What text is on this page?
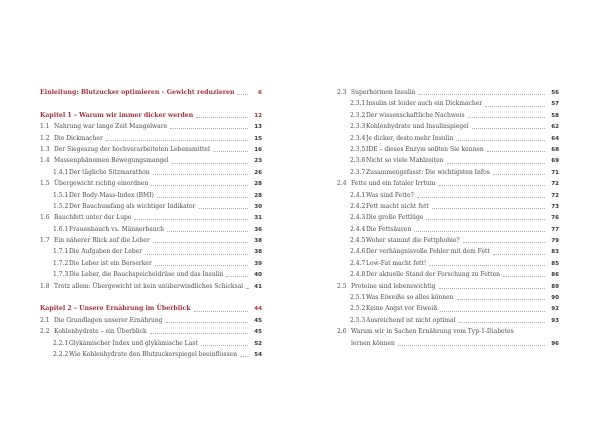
Einleitung: Blutzucker optimieren – Gewicht reduzieren	6
Kapitel 1 – Warum wir immer dicker werden	12
1.1 Nahrung war lange Zeit Mangelware	13
1.2 Die Dickmacher	15
1.3 Der Siegeszug der hochverarbeiteten Lebensmittel	16
1.4 Massenphänomen Bewegungsmangel	23
1.4.1 Der tägliche Sitzmarathon	26
1.5 Übergewicht richtig einordnen	28
1.5.1 Der Body-Mass-Index (BMI)	28
1.5.2 Der Bauchumfang als wichtiger Indikator	30
1.6 Bauchfett unter der Lupe	31
1.6.1 Frauenbauch vs. Männerbauch	36
1.7 Ein näherer Blick auf die Leber	38
1.7.1 Die Aufgaben der Leber	38
1.7.2 Die Leber ist ein Berserker	39
1.7.3 Die Leber, die Bauchspeicheldrüse und das Insulin	40
1.8 Trotz allem: Übergewicht ist kein unüberwindliches Schicksal	41
Kapitel 2 – Unsere Ernährung im Überblick	44
2.1 Die Grundlagen unserer Ernährung	45
2.2 Kohlenhydrate – ein Überblick	45
2.2.1 Glykämischer Index und glykämische Last	52
2.2.2 Wie Kohlenhydrate den Blutzuckerspiegel beeinflussen	54
2.3 Superhormon Insulin	56
2.3.1 Insulin ist leider auch ein Dickmacher	57
2.3.2 Der wissenschaftliche Nachweis	58
2.3.3 Kohlenhydrate und Insulinspiegel	62
2.3.4 Je dicker, desto mehr Insulin	64
2.3.5 IDE – dieses Enzym sollten Sie kennen	68
2.3.6 Nicht so viele Mahlzeiten	69
2.3.7 Zusammengefasst: Die wichtigsten Infos	71
2.4 Fette und ein fataler Irrtum	72
2.4.1 Was sind Fette?	72
2.4.2 Fett macht nicht fett	73
2.4.3 Die große Fettlüge	76
2.4.4 Die Fettsäuren	77
2.4.5 Woher stammt die Fettphobie?	79
2.4.6 Der verhängnisvolle Fehler mit dem Fett	83
2.4.7 Low-Fat macht fett!	85
2.4.8 Der aktuelle Stand der Forschung zu Fetten	86
2.5 Proteine sind lebenswichtig	89
2.5.1 Was Eiweiße so alles können	90
2.5.2 Keine Angst vor Eiweiß	92
2.5.3 Ausreichend ist nicht optimal	93
2.6 Warum wir in Sachen Ernährung vom Typ-1-Diabetes
lernen können	96
